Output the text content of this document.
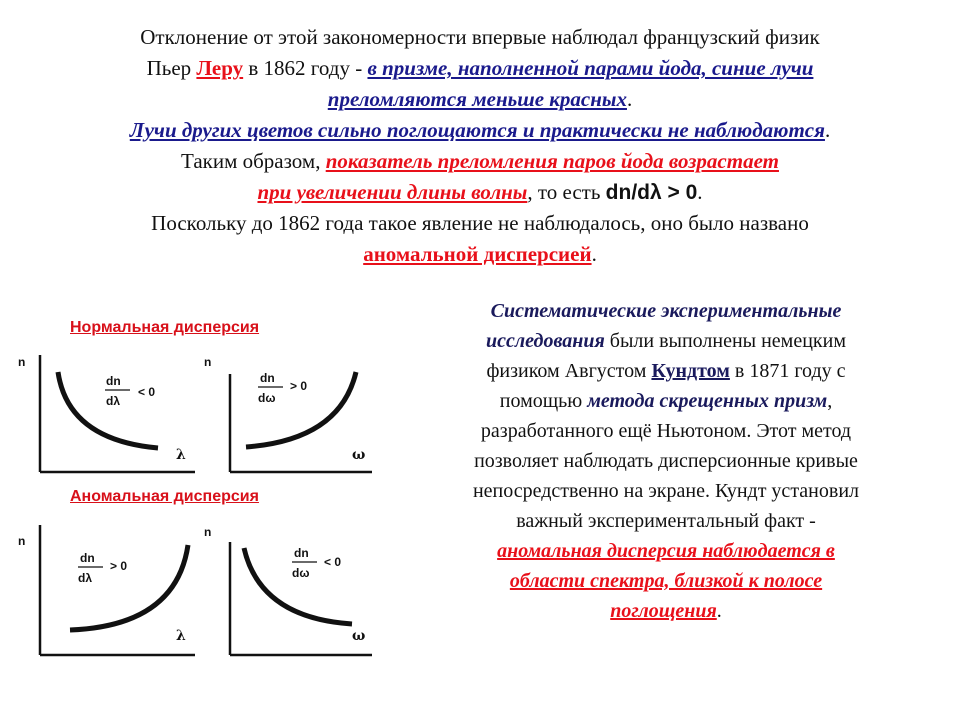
Отклонение от этой закономерности впервые наблюдал французский физик
Пьер Леру в 1862 году - в призме, наполненной парами йода, синие лучи
преломляются меньше красных.
Лучи других цветов сильно поглощаются и практически не наблюдаются.
Таким образом, показатель преломления паров йода возрастает
при увеличении длины волны, то есть dn/dλ > 0.
Поскольку до 1862 года такое явление не наблюдалось, оно было названо
аномальной дисперсией.
Нормальная дисперсия
Аномальная дисперсия
n
λ
dn
dλ
< 0
n
ω
dn
dω
> 0
n
λ
dn
dλ
> 0
n
ω
dn
dω
< 0
Систематические экспериментальные
исследования были выполнены немецким
физиком Августом Кундтом в 1871 году с
помощью метода скрещенных призм,
разработанного ещё Ньютоном. Этот метод
позволяет наблюдать дисперсионные кривые
непосредственно на экране. Кундт установил
важный экспериментальный факт -
аномальная дисперсия наблюдается в
области спектра, близкой к полосе
поглощения.
